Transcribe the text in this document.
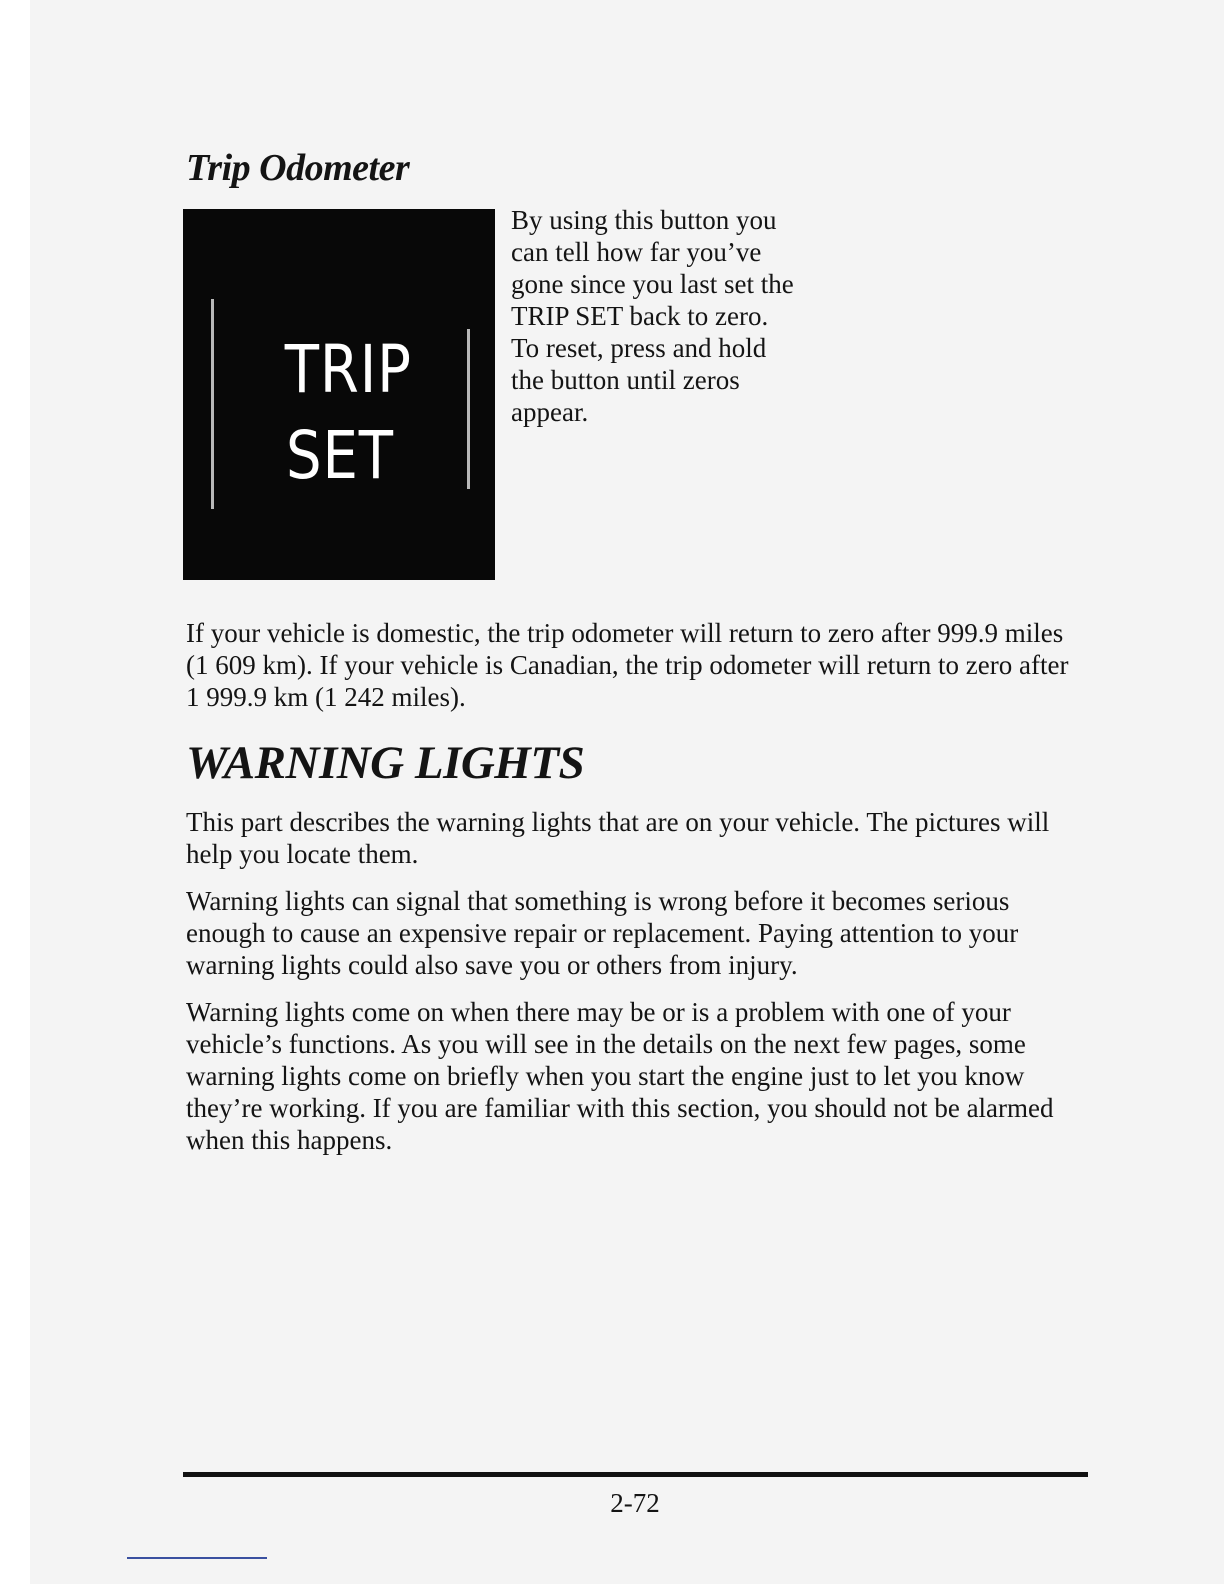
Trip Odometer
TRIP
SET

By using this button you can tell how far you’ve gone since you last set the TRIP SET back to zero. To reset, press and hold the button until zeros appear.

If your vehicle is domestic, the trip odometer will return to zero after 999.9 miles (1 609 km). If your vehicle is Canadian, the trip odometer will return to zero after 1 999.9 km (1 242 miles).

WARNING LIGHTS

This part describes the warning lights that are on your vehicle. The pictures will help you locate them.

Warning lights can signal that something is wrong before it becomes serious enough to cause an expensive repair or replacement. Paying attention to your warning lights could also save you or others from injury.

Warning lights come on when there may be or is a problem with one of your vehicle’s functions. As you will see in the details on the next few pages, some warning lights come on briefly when you start the engine just to let you know they’re working. If you are familiar with this section, you should not be alarmed when this happens.

2-72
